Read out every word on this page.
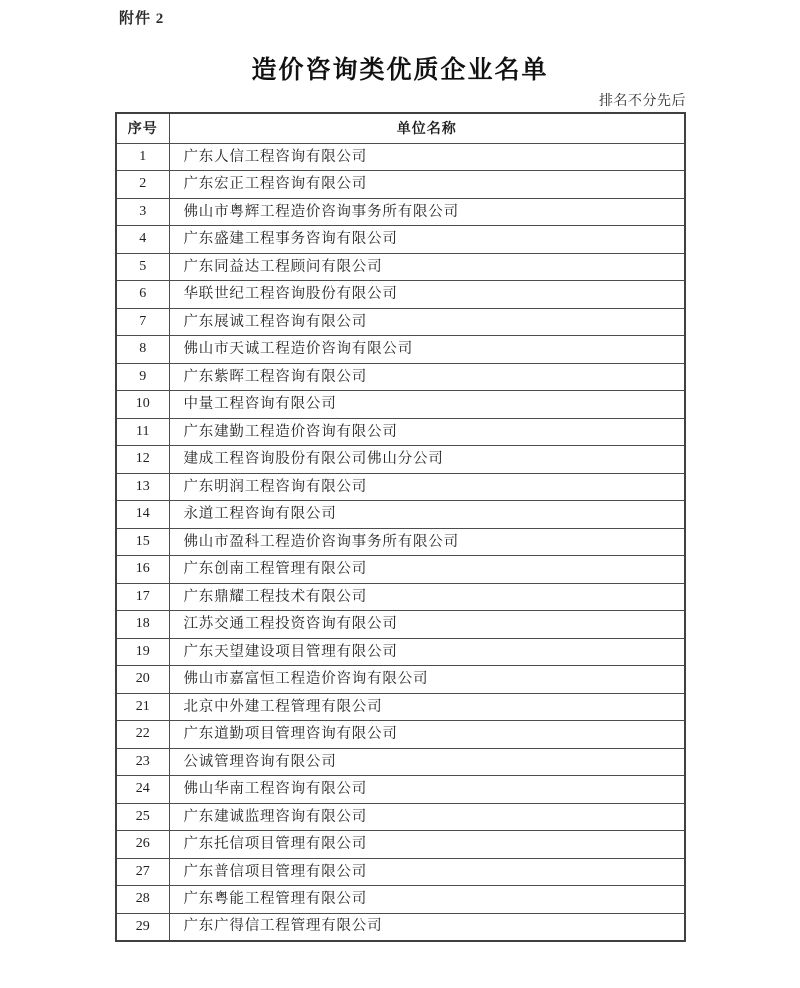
附件 2
造价咨询类优质企业名单
排名不分先后
序号	单位名称
1	广东人信工程咨询有限公司
2	广东宏正工程咨询有限公司
3	佛山市粤辉工程造价咨询事务所有限公司
4	广东盛建工程事务咨询有限公司
5	广东同益达工程顾问有限公司
6	华联世纪工程咨询股份有限公司
7	广东展诚工程咨询有限公司
8	佛山市天诚工程造价咨询有限公司
9	广东紫晖工程咨询有限公司
10	中量工程咨询有限公司
11	广东建勤工程造价咨询有限公司
12	建成工程咨询股份有限公司佛山分公司
13	广东明润工程咨询有限公司
14	永道工程咨询有限公司
15	佛山市盈科工程造价咨询事务所有限公司
16	广东创南工程管理有限公司
17	广东鼎耀工程技术有限公司
18	江苏交通工程投资咨询有限公司
19	广东天望建设项目管理有限公司
20	佛山市嘉富恒工程造价咨询有限公司
21	北京中外建工程管理有限公司
22	广东道勤项目管理咨询有限公司
23	公诚管理咨询有限公司
24	佛山华南工程咨询有限公司
25	广东建诚监理咨询有限公司
26	广东托信项目管理有限公司
27	广东普信项目管理有限公司
28	广东粤能工程管理有限公司
29	广东广得信工程管理有限公司
